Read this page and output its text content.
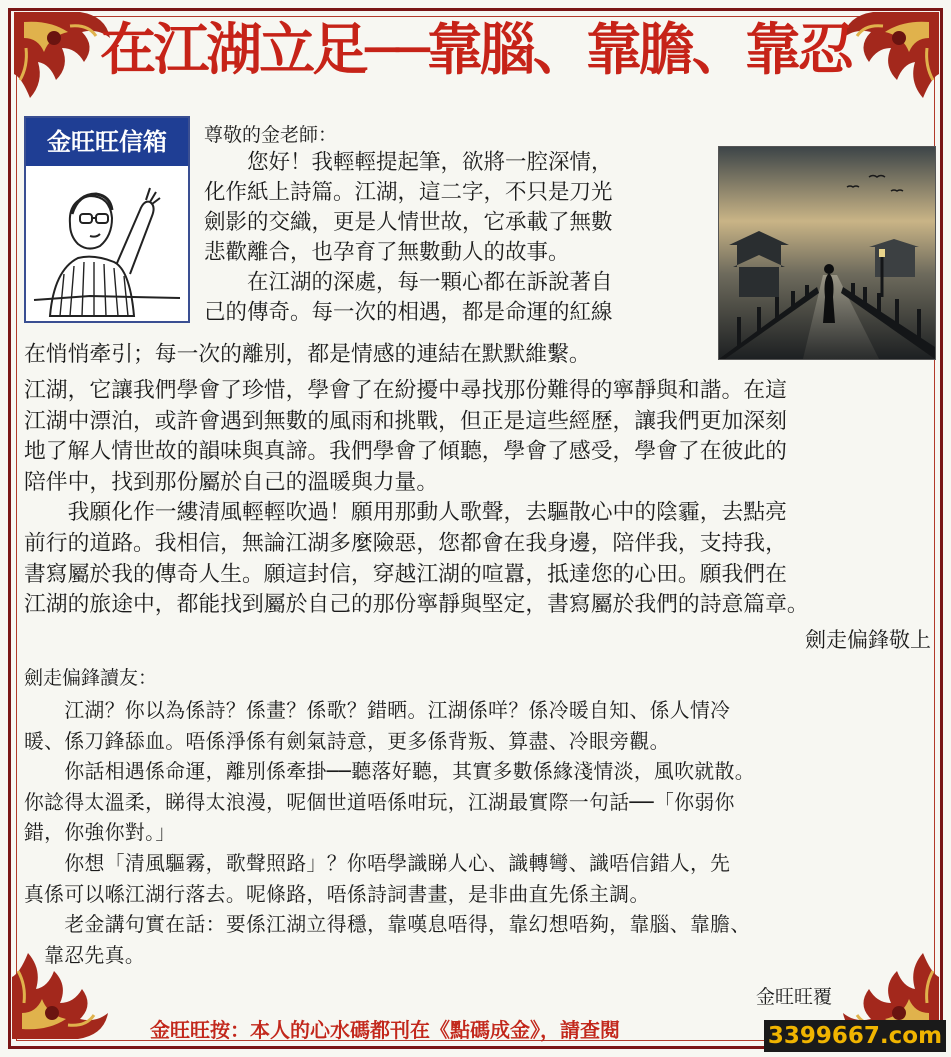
在江湖立足──靠腦、靠膽、靠忍
金旺旺信箱	尊敬的金老師：
　　您好！我輕輕提起筆，欲將一腔深情，
化作紙上詩篇。江湖，這二字，不只是刀光
劍影的交織，更是人情世故，它承載了無數
悲歡離合，也孕育了無數動人的故事。
　　在江湖的深處，每一顆心都在訴說著自
己的傳奇。每一次的相遇，都是命運的紅線
在悄悄牽引；每一次的離別，都是情感的連結在默默維繫。
江湖，它讓我們學會了珍惜，學會了在紛擾中尋找那份難得的寧靜與和諧。在這
江湖中漂泊，或許會遇到無數的風雨和挑戰，但正是這些經歷，讓我們更加深刻
地了解人情世故的韻味與真諦。我們學會了傾聽，學會了感受，學會了在彼此的
陪伴中，找到那份屬於自己的溫暖與力量。
　　我願化作一縷清風輕輕吹過！願用那動人歌聲，去驅散心中的陰霾，去點亮
前行的道路。我相信，無論江湖多麼險惡，您都會在我身邊，陪伴我，支持我，
書寫屬於我的傳奇人生。願這封信，穿越江湖的喧囂，抵達您的心田。願我們在
江湖的旅途中，都能找到屬於自己的那份寧靜與堅定，書寫屬於我們的詩意篇章。
劍走偏鋒敬上
劍走偏鋒讀友：
　　江湖？你以為係詩？係畫？係歌？錯晒。江湖係咩？係冷暖自知、係人情冷
暖、係刀鋒舔血。唔係淨係有劍氣詩意，更多係背叛、算盡、冷眼旁觀。
　　你話相遇係命運，離別係牽掛──聽落好聽，其實多數係緣淺情淡，風吹就散。
你諗得太溫柔，睇得太浪漫，呢個世道唔係咁玩，江湖最實際一句話──「你弱你
錯，你強你對。」
　　你想「清風驅霧，歌聲照路」？你唔學識睇人心、識轉彎、識唔信錯人，先
真係可以喺江湖行落去。呢條路，唔係詩詞書畫，是非曲直先係主調。
　　老金講句實在話：要係江湖立得穩，靠嘆息唔得，靠幻想唔夠，靠腦、靠膽、
　靠忍先真。
金旺旺覆
金旺旺按：本人的心水碼都刊在《點碼成金》，請查閱	3399667.com
